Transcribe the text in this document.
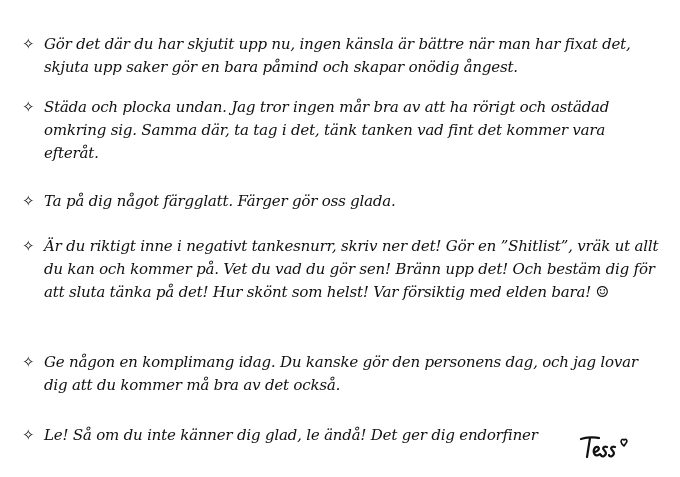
✧ Gör det där du har skjutit upp nu, ingen känsla är bättre när man har fixat det, skjuta upp saker gör en bara påmind och skapar onödig ångest.
✧ Städa och plocka undan. Jag tror ingen mår bra av att ha rörigt och ostädad omkring sig. Samma där, ta tag i det, tänk tanken vad fint det kommer vara efteråt.
✧ Ta på dig något färgglatt. Färger gör oss glada.
✧ Är du riktigt inne i negativt tankesnurr, skriv ner det! Gör en ”Shitlist”, vräk ut allt du kan och kommer på. Vet du vad du gör sen! Bränn upp det! Och bestäm dig för att sluta tänka på det! Hur skönt som helst! Var försiktig med elden bara! ☺
✧ Ge någon en komplimang idag. Du kanske gör den personens dag, och jag lovar dig att du kommer må bra av det också.
✧ Le! Så om du inte känner dig glad, le ändå! Det ger dig endorfiner
